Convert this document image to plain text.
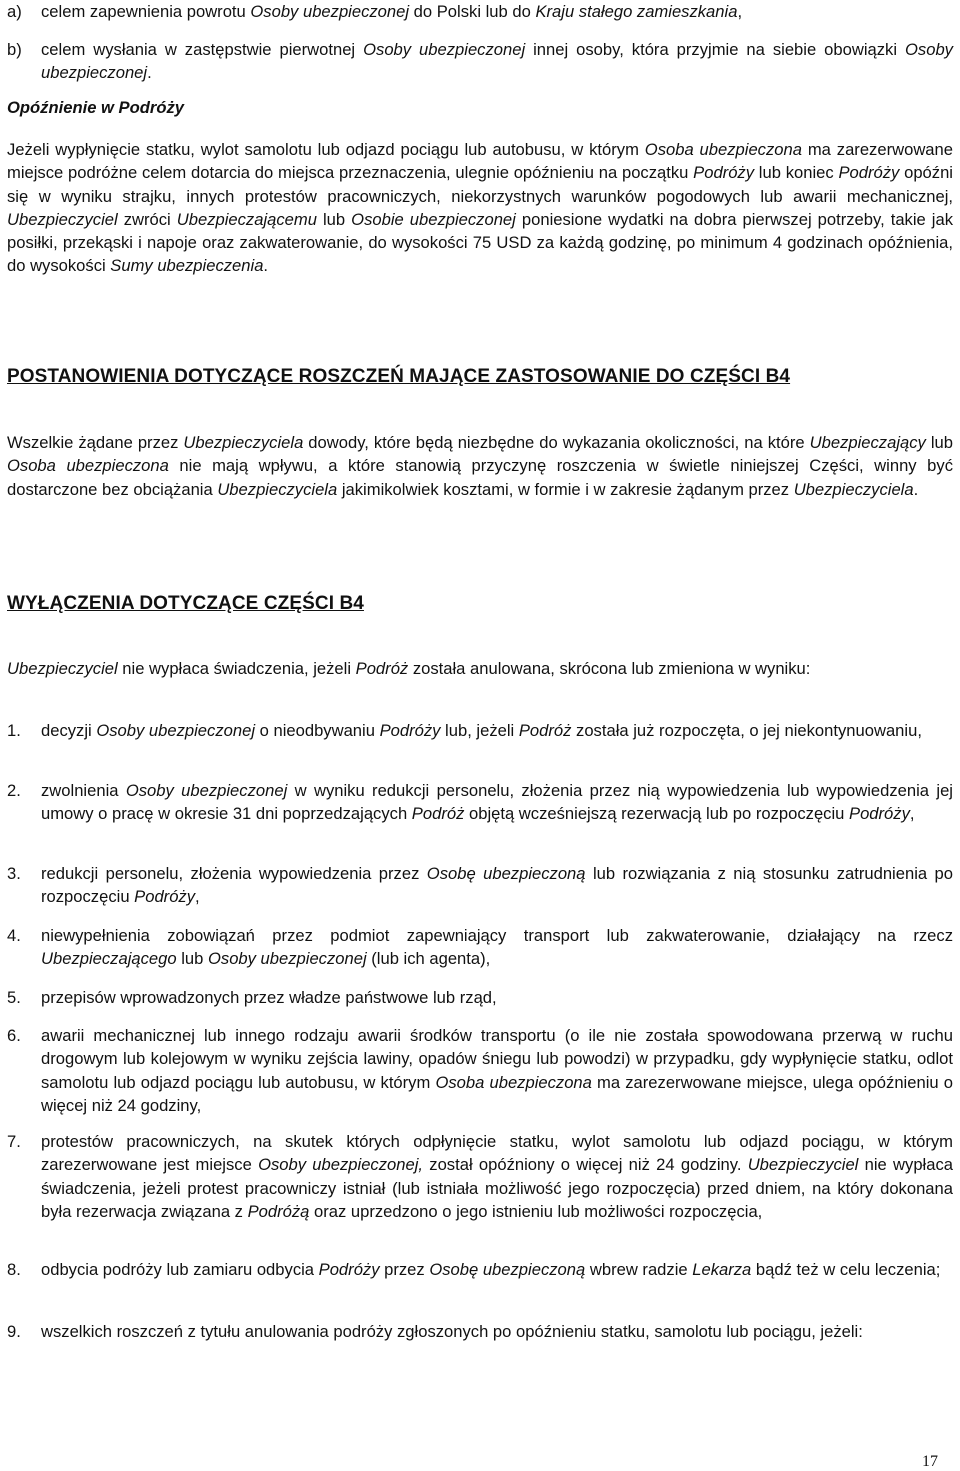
a) celem zapewnienia powrotu Osoby ubezpieczonej do Polski lub do Kraju stałego zamieszkania,
b) celem wysłania w zastępstwie pierwotnej Osoby ubezpieczonej innej osoby, która przyjmie na siebie obowiązki Osoby ubezpieczonej.
Opóźnienie w Podróży
Jeżeli wypłynięcie statku, wylot samolotu lub odjazd pociągu lub autobusu, w którym Osoba ubezpieczona ma zarezerwowane miejsce podróżne celem dotarcia do miejsca przeznaczenia, ulegnie opóźnieniu na początku Podróży lub koniec Podróży opóźni się w wyniku strajku, innych protestów pracowniczych, niekorzystnych warunków pogodowych lub awarii mechanicznej, Ubezpieczyciel zwróci Ubezpieczającemu lub Osobie ubezpieczonej poniesione wydatki na dobra pierwszej potrzeby, takie jak posiłki, przekąski i napoje oraz zakwaterowanie, do wysokości 75 USD za każdą godzinę, po minimum 4 godzinach opóźnienia, do wysokości Sumy ubezpieczenia.
POSTANOWIENIA DOTYCZĄCE ROSZCZEŃ MAJĄCE ZASTOSOWANIE DO CZĘŚCI B4
Wszelkie żądane przez Ubezpieczyciela dowody, które będą niezbędne do wykazania okoliczności, na które Ubezpieczający lub Osoba ubezpieczona nie mają wpływu, a które stanowią przyczynę roszczenia w świetle niniejszej Części, winny być dostarczone bez obciążania Ubezpieczyciela jakimikolwiek kosztami, w formie i w zakresie żądanym przez Ubezpieczyciela.
WYŁĄCZENIA DOTYCZĄCE CZĘŚCI B4
Ubezpieczyciel nie wypłaca świadczenia, jeżeli Podróż została anulowana, skrócona lub zmieniona w wyniku:
1. decyzji Osoby ubezpieczonej o nieodbywaniu Podróży lub, jeżeli Podróż została już rozpoczęta, o jej niekontynuowaniu,
2. zwolnienia Osoby ubezpieczonej w wyniku redukcji personelu, złożenia przez nią wypowiedzenia lub wypowiedzenia jej umowy o pracę w okresie 31 dni poprzedzających Podróż objętą wcześniejszą rezerwacją lub po rozpoczęciu Podróży,
3. redukcji personelu, złożenia wypowiedzenia przez Osobę ubezpieczoną lub rozwiązania z nią stosunku zatrudnienia po rozpoczęciu Podróży,
4. niewypełnienia zobowiązań przez podmiot zapewniający transport lub zakwaterowanie, działający na rzecz Ubezpieczającego lub Osoby ubezpieczonej (lub ich agenta),
5. przepisów wprowadzonych przez władze państwowe lub rząd,
6. awarii mechanicznej lub innego rodzaju awarii środków transportu (o ile nie została spowodowana przerwą w ruchu drogowym lub kolejowym w wyniku zejścia lawiny, opadów śniegu lub powodzi) w przypadku, gdy wypłynięcie statku, odlot samolotu lub odjazd pociągu lub autobusu, w którym Osoba ubezpieczona ma zarezerwowane miejsce, ulega opóźnieniu o więcej niż 24 godziny,
7. protestów pracowniczych, na skutek których odpłynięcie statku, wylot samolotu lub odjazd pociągu, w którym zarezerwowane jest miejsce Osoby ubezpieczonej, został opóźniony o więcej niż 24 godziny. Ubezpieczyciel nie wypłaca świadczenia, jeżeli protest pracowniczy istniał (lub istniała możliwość jego rozpoczęcia) przed dniem, na który dokonana była rezerwacja związana z Podróżą oraz uprzedzono o jego istnieniu lub możliwości rozpoczęcia,
8. odbycia podróży lub zamiaru odbycia Podróży przez Osobę ubezpieczoną wbrew radzie Lekarza bądź też w celu leczenia;
9. wszelkich roszczeń z tytułu anulowania podróży zgłoszonych po opóźnieniu statku, samolotu lub pociągu, jeżeli:
17
